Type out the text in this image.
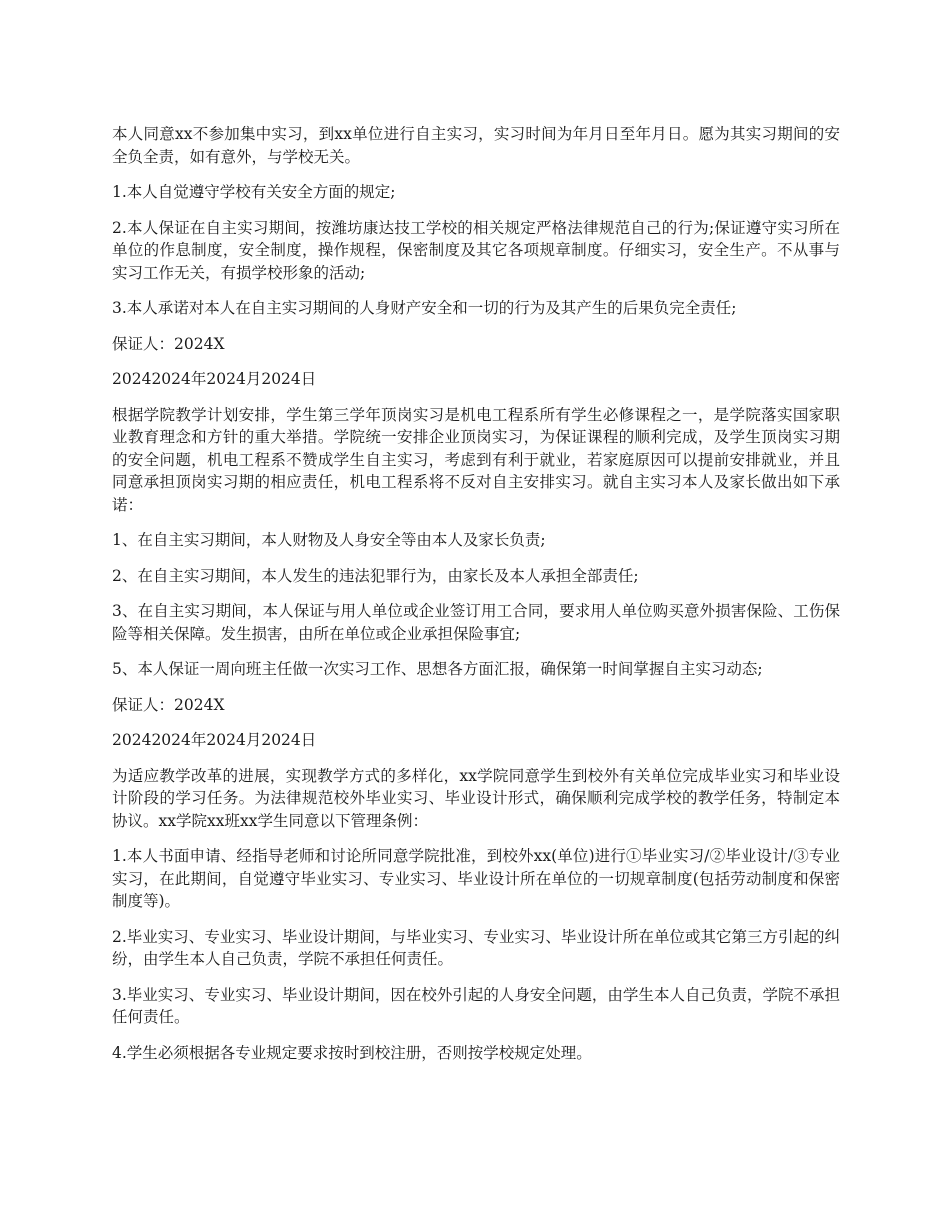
本人同意xx不参加集中实习，到xx单位进行自主实习，实习时间为年月日至年月日。愿为其实习期间的安全负全责，如有意外，与学校无关。

1.本人自觉遵守学校有关安全方面的规定;

2.本人保证在自主实习期间，按潍坊康达技工学校的相关规定严格法律规范自己的行为;保证遵守实习所在单位的作息制度，安全制度，操作规程，保密制度及其它各项规章制度。仔细实习，安全生产。不从事与实习工作无关，有损学校形象的活动;

3.本人承诺对本人在自主实习期间的人身财产安全和一切的行为及其产生的后果负完全责任;

保证人：2024X

20242024年2024月2024日

根据学院教学计划安排，学生第三学年顶岗实习是机电工程系所有学生必修课程之一，是学院落实国家职业教育理念和方针的重大举措。学院统一安排企业顶岗实习，为保证课程的顺利完成，及学生顶岗实习期的安全问题，机电工程系不赞成学生自主实习，考虑到有利于就业，若家庭原因可以提前安排就业，并且同意承担顶岗实习期的相应责任，机电工程系将不反对自主安排实习。就自主实习本人及家长做出如下承诺：

1、在自主实习期间，本人财物及人身安全等由本人及家长负责;

2、在自主实习期间，本人发生的违法犯罪行为，由家长及本人承担全部责任;

3、在自主实习期间，本人保证与用人单位或企业签订用工合同，要求用人单位购买意外损害保险、工伤保险等相关保障。发生损害，由所在单位或企业承担保险事宜;

5、本人保证一周向班主任做一次实习工作、思想各方面汇报，确保第一时间掌握自主实习动态;

保证人：2024X

20242024年2024月2024日

为适应教学改革的进展，实现教学方式的多样化，xx学院同意学生到校外有关单位完成毕业实习和毕业设计阶段的学习任务。为法律规范校外毕业实习、毕业设计形式，确保顺利完成学校的教学任务，特制定本协议。xx学院xx班xx学生同意以下管理条例：

1.本人书面申请、经指导老师和讨论所同意学院批准，到校外xx(单位)进行①毕业实习/②毕业设计/③专业实习，在此期间，自觉遵守毕业实习、专业实习、毕业设计所在单位的一切规章制度(包括劳动制度和保密制度等)。

2.毕业实习、专业实习、毕业设计期间，与毕业实习、专业实习、毕业设计所在单位或其它第三方引起的纠纷，由学生本人自己负责，学院不承担任何责任。

3.毕业实习、专业实习、毕业设计期间，因在校外引起的人身安全问题，由学生本人自己负责，学院不承担任何责任。

4.学生必须根据各专业规定要求按时到校注册，否则按学校规定处理。
